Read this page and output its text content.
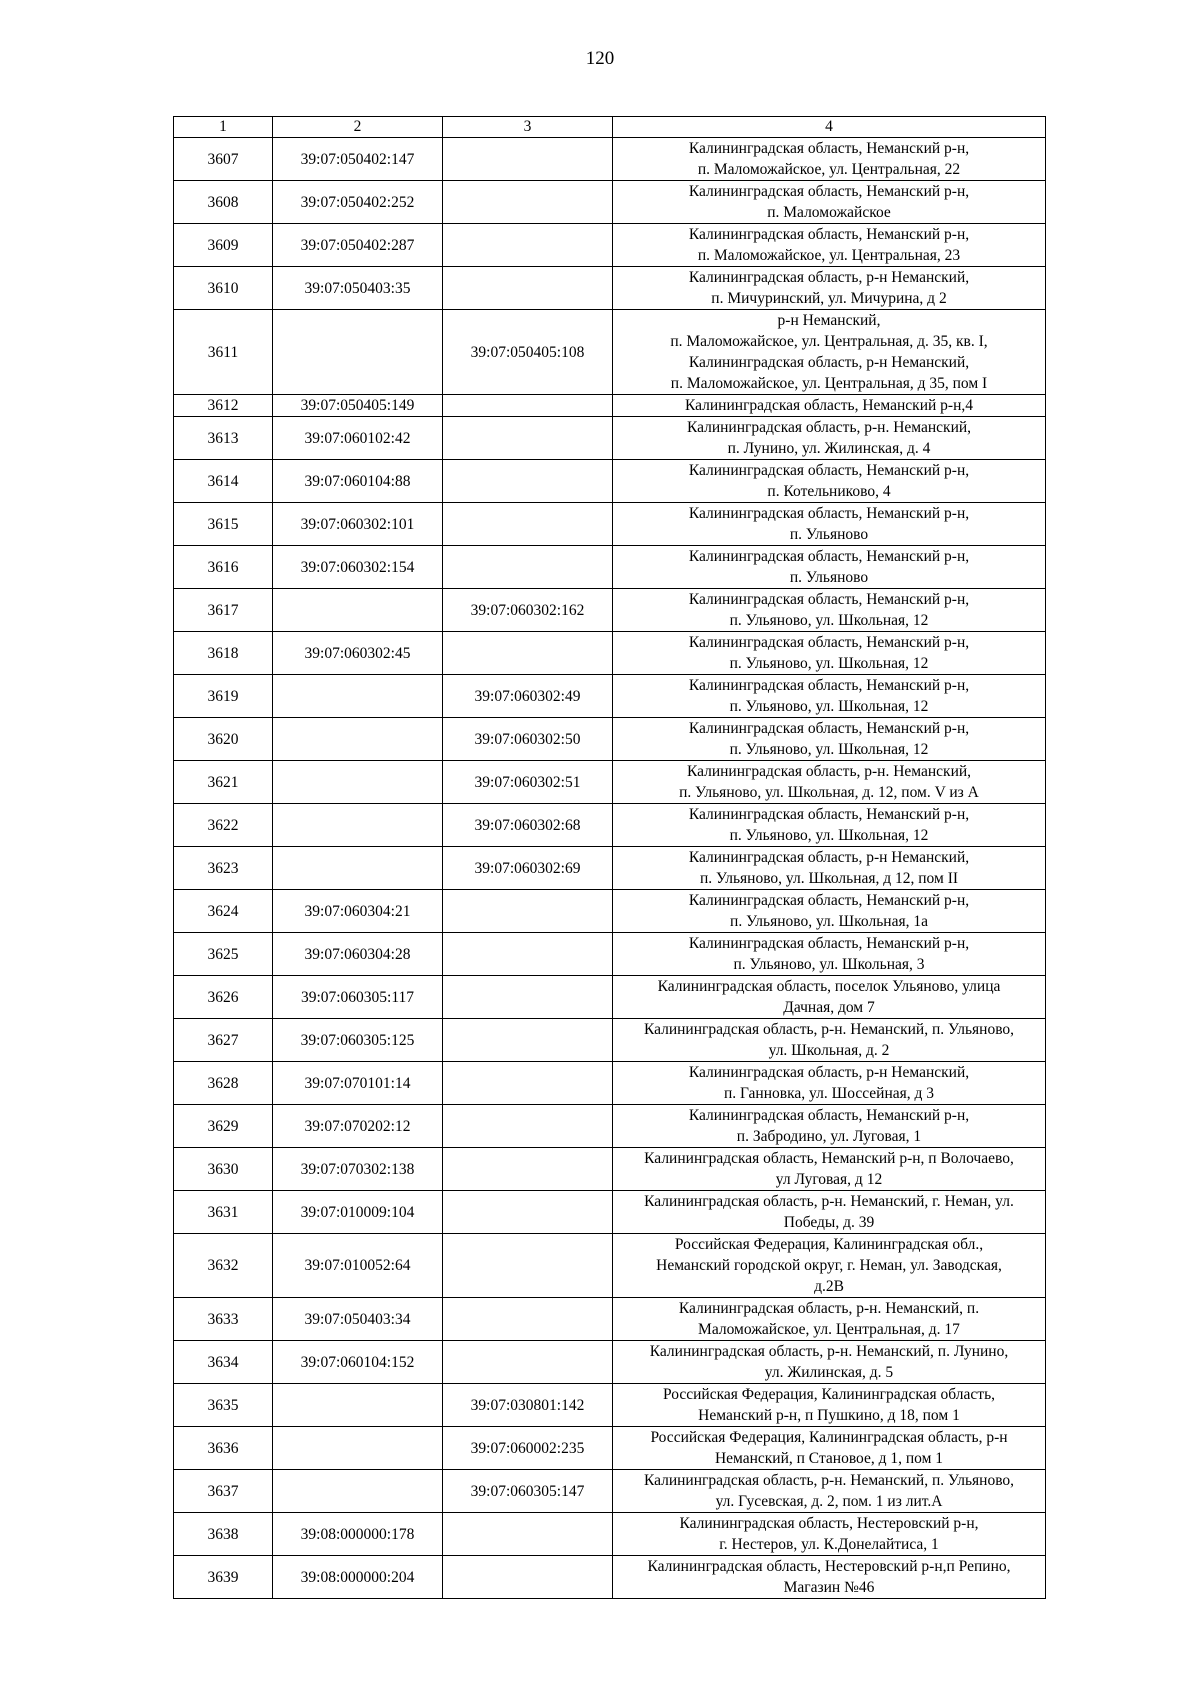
120
1	2	3	4
3607	39:07:050402:147		Калининградская область, Неманский р-н,
п. Маломожайское, ул. Центральная, 22
3608	39:07:050402:252		Калининградская область, Неманский р-н,
п. Маломожайское
3609	39:07:050402:287		Калининградская область, Неманский р-н,
п. Маломожайское, ул. Центральная, 23
3610	39:07:050403:35		Калининградская область, р-н Неманский,
п. Мичуринский, ул. Мичурина, д 2
3611		39:07:050405:108	р-н Неманский,
п. Маломожайское, ул. Центральная, д. 35, кв. I,
Калининградская область, р-н Неманский,
п. Маломожайское, ул. Центральная, д 35, пом I
3612	39:07:050405:149		Калининградская область, Неманский р-н,4
3613	39:07:060102:42		Калининградская область, р-н. Неманский,
п. Лунино, ул. Жилинская, д. 4
3614	39:07:060104:88		Калининградская область, Неманский р-н,
п. Котельниково, 4
3615	39:07:060302:101		Калининградская область, Неманский р-н,
п. Ульяново
3616	39:07:060302:154		Калининградская область, Неманский р-н,
п. Ульяново
3617		39:07:060302:162	Калининградская область, Неманский р-н,
п. Ульяново, ул. Школьная, 12
3618	39:07:060302:45		Калининградская область, Неманский р-н,
п. Ульяново, ул. Школьная, 12
3619		39:07:060302:49	Калининградская область, Неманский р-н,
п. Ульяново, ул. Школьная, 12
3620		39:07:060302:50	Калининградская область, Неманский р-н,
п. Ульяново, ул. Школьная, 12
3621		39:07:060302:51	Калининградская область, р-н. Неманский,
п. Ульяново, ул. Школьная, д. 12, пом. V из А
3622		39:07:060302:68	Калининградская область, Неманский р-н,
п. Ульяново, ул. Школьная, 12
3623		39:07:060302:69	Калининградская область, р-н Неманский,
п. Ульяново, ул. Школьная, д 12, пом II
3624	39:07:060304:21		Калининградская область, Неманский р-н,
п. Ульяново, ул. Школьная, 1а
3625	39:07:060304:28		Калининградская область, Неманский р-н,
п. Ульяново, ул. Школьная, 3
3626	39:07:060305:117		Калининградская область, поселок Ульяново, улица
Дачная, дом 7
3627	39:07:060305:125		Калининградская область, р-н. Неманский, п. Ульяново,
ул. Школьная, д. 2
3628	39:07:070101:14		Калининградская область, р-н Неманский,
п. Ганновка, ул. Шоссейная, д 3
3629	39:07:070202:12		Калининградская область, Неманский р-н,
п. Забродино, ул. Луговая, 1
3630	39:07:070302:138		Калининградская область, Неманский р-н, п Волочаево,
ул Луговая, д 12
3631	39:07:010009:104		Калининградская область, р-н. Неманский, г. Неман, ул.
Победы, д. 39
3632	39:07:010052:64		Российская Федерация, Калининградская обл.,
Неманский городской округ, г. Неман, ул. Заводская,
д.2В
3633	39:07:050403:34		Калининградская область, р-н. Неманский, п.
Маломожайское, ул. Центральная, д. 17
3634	39:07:060104:152		Калининградская область, р-н. Неманский, п. Лунино,
ул. Жилинская, д. 5
3635		39:07:030801:142	Российская Федерация, Калининградская область,
Неманский р-н, п Пушкино, д 18, пом 1
3636		39:07:060002:235	Российская Федерация, Калининградская область, р-н
Неманский, п Становое, д 1, пом 1
3637		39:07:060305:147	Калининградская область, р-н. Неманский, п. Ульяново,
ул. Гусевская, д. 2, пом. 1 из лит.А
3638	39:08:000000:178		Калининградская область, Нестеровский р-н,
г. Нестеров, ул. К.Донелайтиса, 1
3639	39:08:000000:204		Калининградская область, Нестеровский р-н,п Репино,
Магазин №46
